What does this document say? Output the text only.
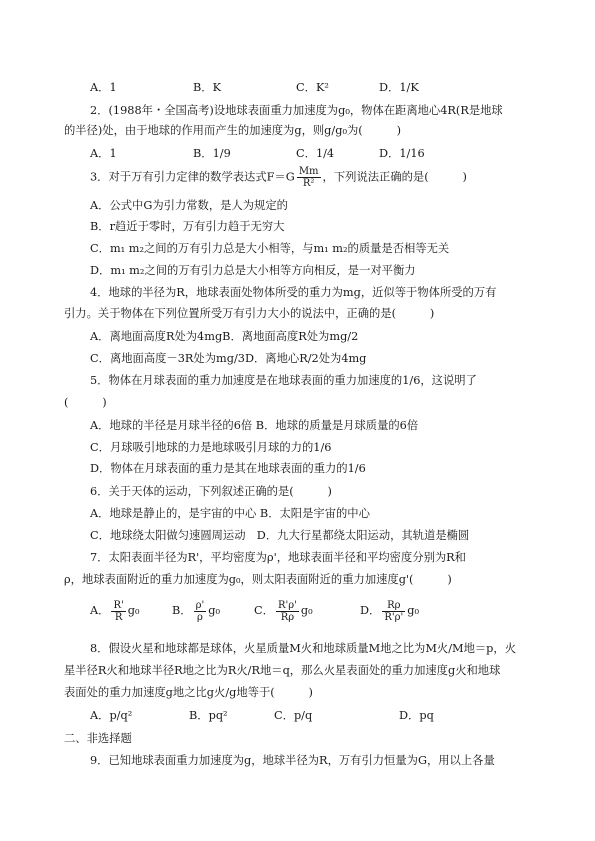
A．1	B．K	C．K²	D．1/K
2．(1988年・全国高考)设地球表面重力加速度为g₀，物体在距离地心4R(R是地球
的半径)处，由于地球的作用而产生的加速度为g，则g/g₀为(　　　)
A．1	B．1/9	C．1/4	D．1/16
3．对于万有引力定律的数学表达式$F=G \frac{Mm}{\text{R²}}$ ，下列说法正确的是(　　　)
A．公式中G为引力常数，是人为规定的
B．r趋近于零时，万有引力趋于无穷大
C．m₁ m₂之间的万有引力总是大小相等，与m₁ m₂的质量是否相等无关
D．m₁ m₂之间的万有引力总是大小相等方向相反，是一对平衡力
4．地球的半径为R，地球表面处物体所受的重力为mg，近似等于物体所受的万有
引力。关于物体在下列位置所受万有引力大小的说法中，正确的是(　　　)
A．离地面高度R处为4mgB．离地面高度R处为mg/2
C．离地面高度－3R处为mg/3D．离地心R/2处为4mg
5．物体在月球表面的重力加速度是在地球表面的重力加速度的1/6，这说明了
(　　　)
A．地球的半径是月球半径的6倍 B．地球的质量是月球质量的6倍
C．月球吸引地球的力是地球吸引月球的力的1/6
D．物体在月球表面的重力是其在地球表面的重力的1/6
6．关于天体的运动，下列叙述正确的是(　　　)
A．地球是静止的，是宇宙的中心 B．太阳是宇宙的中心
C．地球绕太阳做匀速圆周运动　D．九大行星都绕太阳运动，其轨道是椭圆
7．太阳表面半径为R'，平均密度为ρ'，地球表面半径和平均密度分别为R和
ρ，地球表面附近的重力加速度为g₀，则太阳表面附近的重力加速度g'(　　　)
A． $\frac{R'}{R} g_0$	B． $\frac{\rho'}{\rho} g_0$	C． $\frac{R'\rho'}{R\rho} g_0$	D． $\frac{R\rho}{R'\rho'} g_0$
8．假设火星和地球都是球体，火星质量M火和地球质量M地之比为M火/M地＝p，火
星半径R火和地球半径R地之比为R火/R地＝q，那么火星表面处的重力加速度g火和地球
表面处的重力加速度g地之比g火/g地等于(　　　)
A．p/q²	B．pq²	C．p/q	D．pq
二、非选择题
9．已知地球表面重力加速度为g，地球半径为R，万有引力恒量为G，用以上各量
